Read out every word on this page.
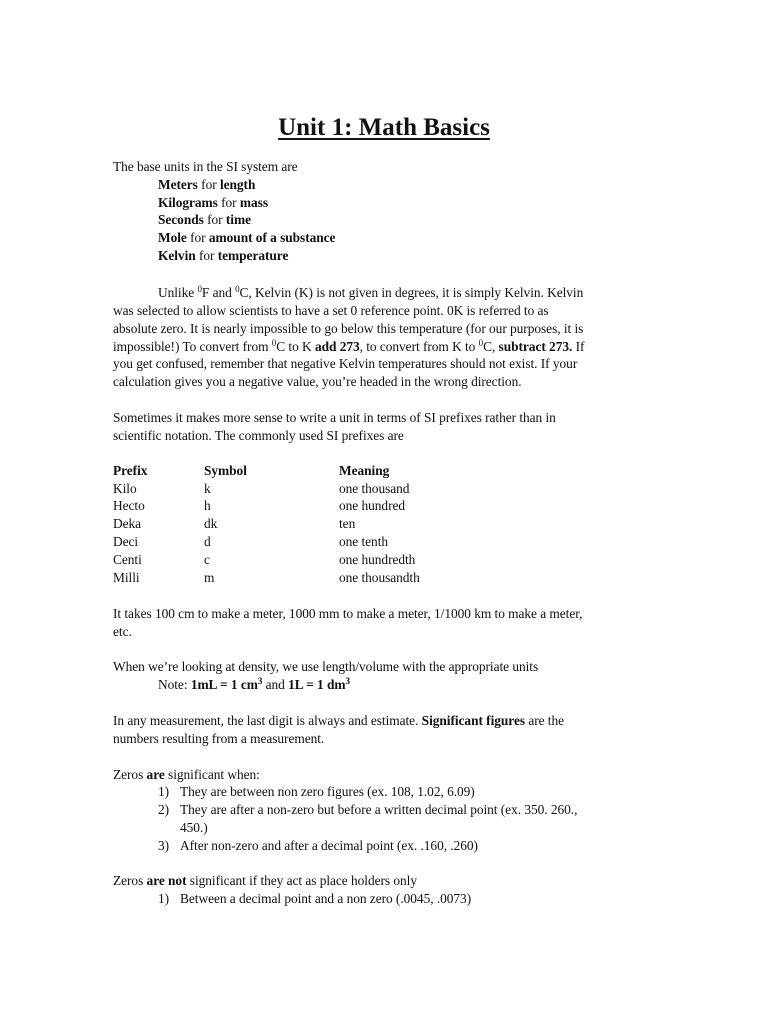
Unit 1: Math Basics
The base units in the SI system are
Meters for length
Kilograms for mass
Seconds for time
Mole for amount of a substance
Kelvin for temperature
Unlike $^0$F and $^0$C, Kelvin (K) is not given in degrees, it is simply Kelvin. Kelvin
was selected to allow scientists to have a set 0 reference point. 0K is referred to as
absolute zero. It is nearly impossible to go below this temperature (for our purposes, it is
impossible!) To convert from $^0$C to K add 273, to convert from K to $^0$C, subtract 273. If
you get confused, remember that negative Kelvin temperatures should not exist. If your
calculation gives you a negative value, you’re headed in the wrong direction.
Sometimes it makes more sense to write a unit in terms of SI prefixes rather than in
scientific notation. The commonly used SI prefixes are
Prefix	Symbol	Meaning
Kilo	k	one thousand
Hecto	h	one hundred
Deka	dk	ten
Deci	d	one tenth
Centi	c	one hundredth
Milli	m	one thousandth
It takes 100 cm to make a meter, 1000 mm to make a meter, 1/1000 km to make a meter,
etc.
When we’re looking at density, we use length/volume with the appropriate units
Note: 1mL = 1 $cm^3$ and 1L = 1 $dm^3$
In any measurement, the last digit is always and estimate. Significant figures are the
numbers resulting from a measurement.
Zeros are significant when:
1) They are between non zero figures (ex. 108, 1.02, 6.09)
2) They are after a non-zero but before a written decimal point (ex. 350. 260.,
450.)
3) After non-zero and after a decimal point (ex. .160, .260)
Zeros are not significant if they act as place holders only
1) Between a decimal point and a non zero (.0045, .0073)
